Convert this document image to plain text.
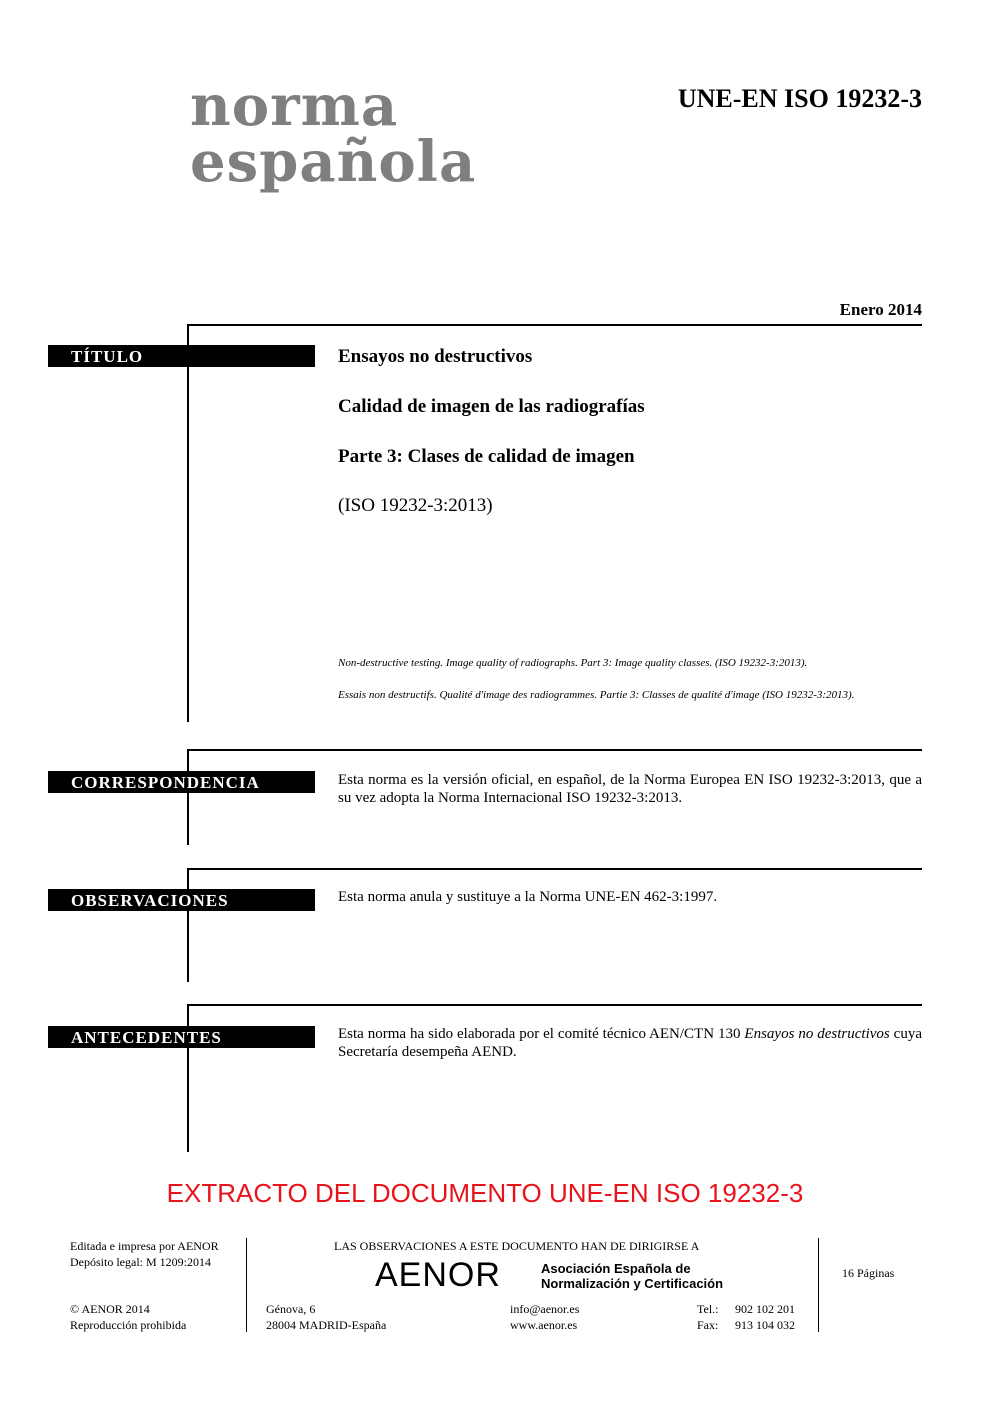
norma
española
UNE-EN ISO 19232-3
Enero 2014
TÍTULO	Ensayos no destructivos
Calidad de imagen de las radiografías
Parte 3: Clases de calidad de imagen
(ISO 19232-3:2013)
Non-destructive testing. Image quality of radiographs. Part 3: Image quality classes. (ISO 19232-3:2013).
Essais non destructifs. Qualité d'image des radiogrammes. Partie 3: Classes de qualité d'image (ISO 19232-3:2013).
CORRESPONDENCIA	Esta norma es la versión oficial, en español, de la Norma Europea EN ISO 19232-3:2013, que a su vez adopta la Norma Internacional ISO 19232-3:2013.
OBSERVACIONES	Esta norma anula y sustituye a la Norma UNE-EN 462-3:1997.
ANTECEDENTES	Esta norma ha sido elaborada por el comité técnico AEN/CTN 130 Ensayos no destructivos cuya Secretaría desempeña AEND.
EXTRACTO DEL DOCUMENTO UNE-EN ISO 19232-3
Editada e impresa por AENOR
Depósito legal: M 1209:2014
© AENOR 2014
Reproducción prohibida
LAS OBSERVACIONES A ESTE DOCUMENTO HAN DE DIRIGIRSE A
AENOR	Asociación Española de
Normalización y Certificación
Génova, 6
28004 MADRID-España
info@aenor.es
www.aenor.es
Tel.: 902 102 201
Fax: 913 104 032
16 Páginas
